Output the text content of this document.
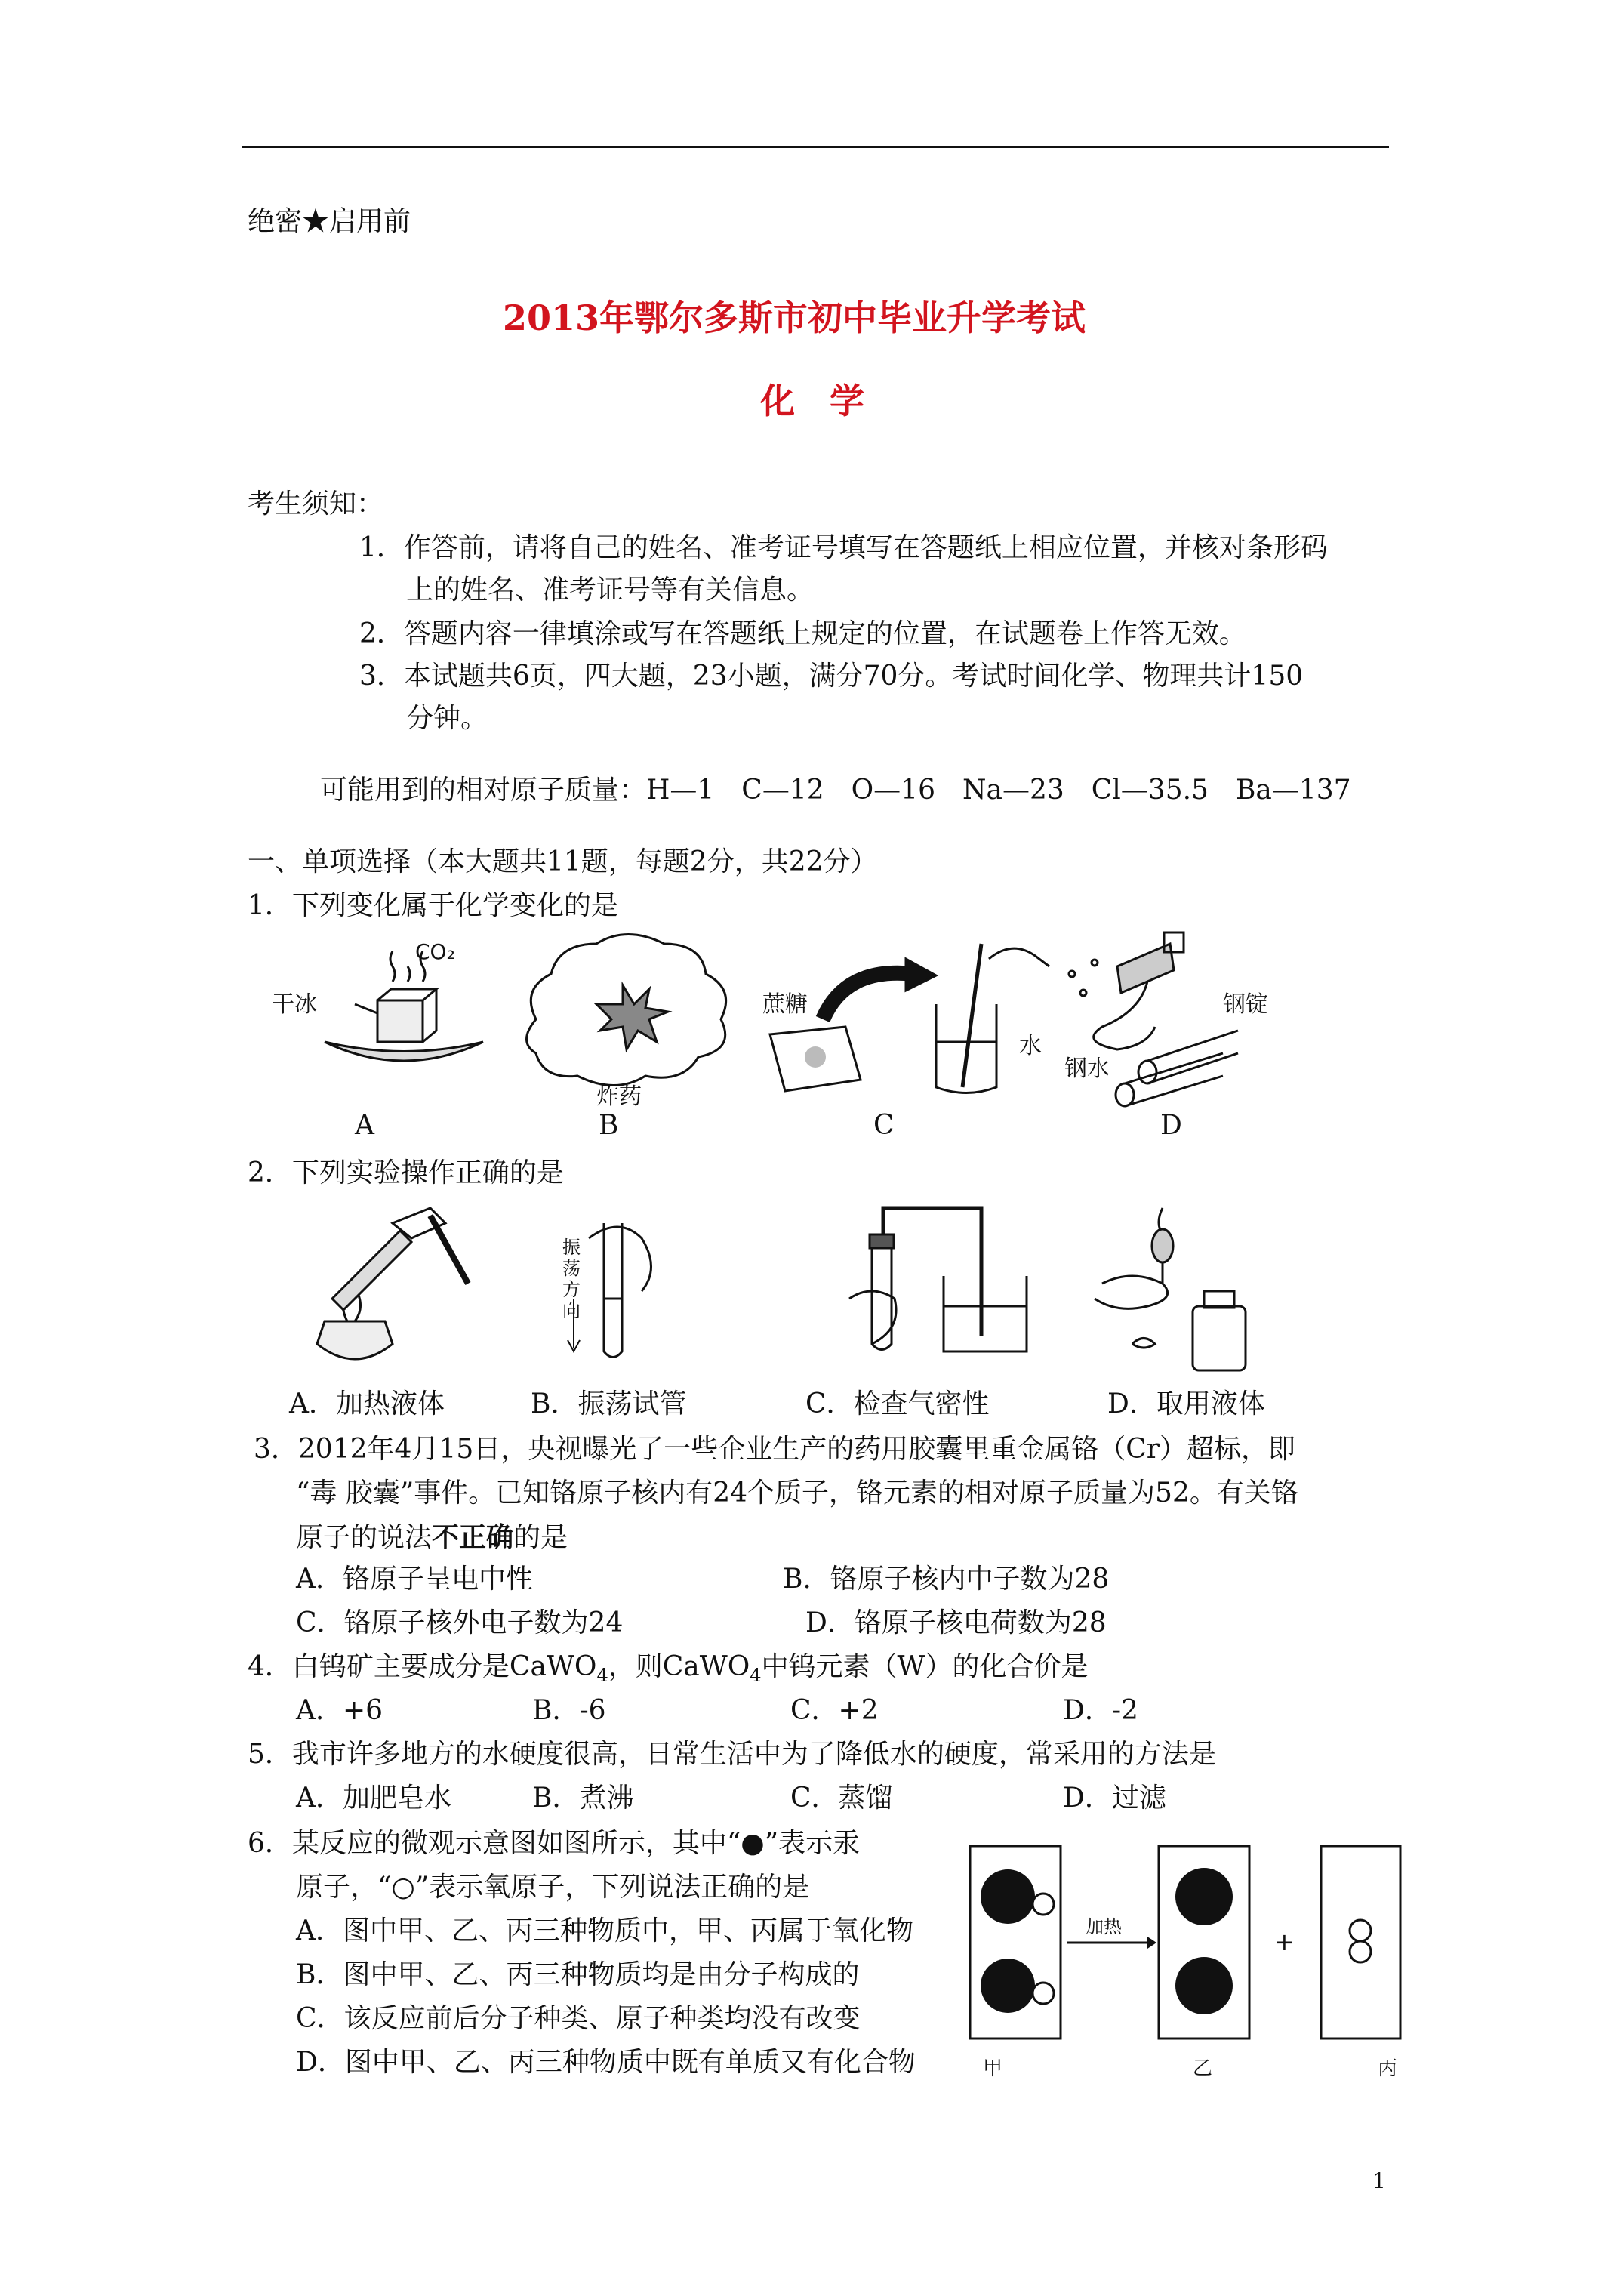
绝密★启用前
2013年鄂尔多斯市初中毕业升学考试
化　学
考生须知：
1．作答前，请将自己的姓名、准考证号填写在答题纸上相应位置，并核对条形码
上的姓名、准考证号等有关信息。
2．答题内容一律填涂或写在答题纸上规定的位置，在试题卷上作答无效。
3．本试题共6页，四大题，23小题，满分70分。考试时间化学、物理共计150
分钟。
可能用到的相对原子质量：H—1　C—12　O—16　Na—23　Cl—35.5　Ba—137
一、单项选择（本大题共11题，每题2分，共22分）
1．下列变化属于化学变化的是
干冰
CO₂
炸药
蔗糖
水
钢锭
钢水
A	B	C	D
2．下列实验操作正确的是
振荡方向
A．加热液体	B．振荡试管	C．检查气密性	D．取用液体
3．2012年4月15日，央视曝光了一些企业生产的药用胶囊里重金属铬（Cr）超标，即
“毒 胶囊”事件。已知铬原子核内有24个质子，铬元素的相对原子质量为52。有关铬
原子的说法不正确的是
A．铬原子呈电中性	B．铬原子核内中子数为28
C．铬原子核外电子数为24	D．铬原子核电荷数为28
4．白钨矿主要成分是CaWO$_4$，则CaWO$_4$中钨元素（W）的化合价是
A．+6	B．-6	C．+2	D．-2
5．我市许多地方的水硬度很高，日常生活中为了降低水的硬度，常采用的方法是
A．加肥皂水	B．煮沸	C．蒸馏	D．过滤
6．某反应的微观示意图如图所示，其中“●”表示汞
原子，“○”表示氧原子，下列说法正确的是
A．图中甲、乙、丙三种物质中，甲、丙属于氧化物
B．图中甲、乙、丙三种物质均是由分子构成的
C．该反应前后分子种类、原子种类均没有改变
D．图中甲、乙、丙三种物质中既有单质又有化合物
加热
+
甲	乙	丙
1
